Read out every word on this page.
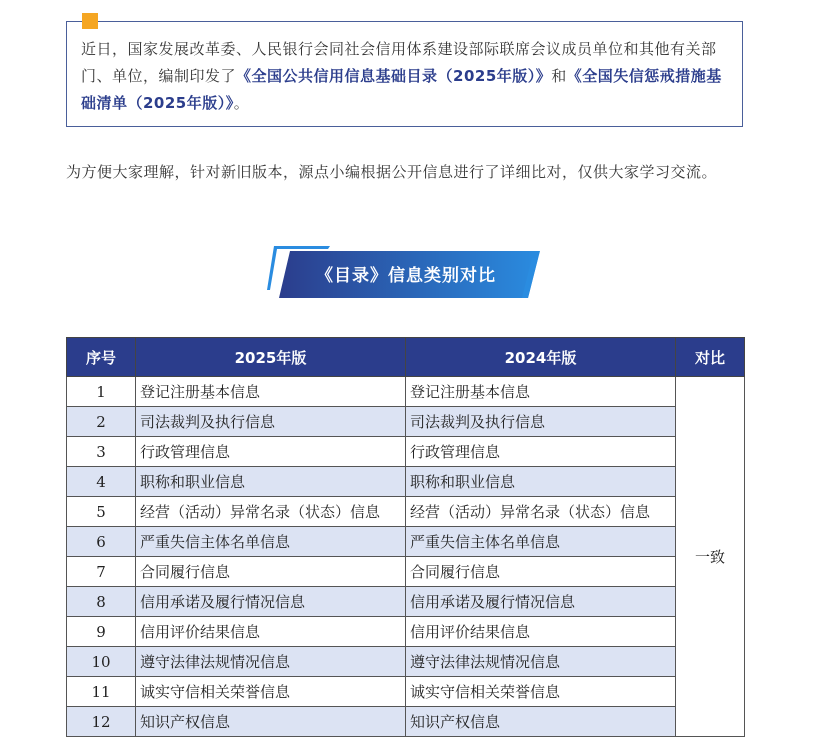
近日，国家发展改革委、人民银行会同社会信用体系建设部际联席会议成员单位和其他有关部门、单位，编制印发了《全国公共信用信息基础目录（2025年版）》和《全国失信惩戒措施基础清单（2025年版）》。

为方便大家理解，针对新旧版本，源点小编根据公开信息进行了详细比对，仅供大家学习交流。

《目录》信息类别对比
序号	2025年版	2024年版	对比
1	登记注册基本信息	登记注册基本信息	一致
2	司法裁判及执行信息	司法裁判及执行信息	
3	行政管理信息	行政管理信息	
4	职称和职业信息	职称和职业信息	
5	经营（活动）异常名录（状态）信息	经营（活动）异常名录（状态）信息	
6	严重失信主体名单信息	严重失信主体名单信息	
7	合同履行信息	合同履行信息	
8	信用承诺及履行情况信息	信用承诺及履行情况信息	
9	信用评价结果信息	信用评价结果信息	
10	遵守法律法规情况信息	遵守法律法规情况信息	
11	诚实守信相关荣誉信息	诚实守信相关荣誉信息	
12	知识产权信息	知识产权信息	
